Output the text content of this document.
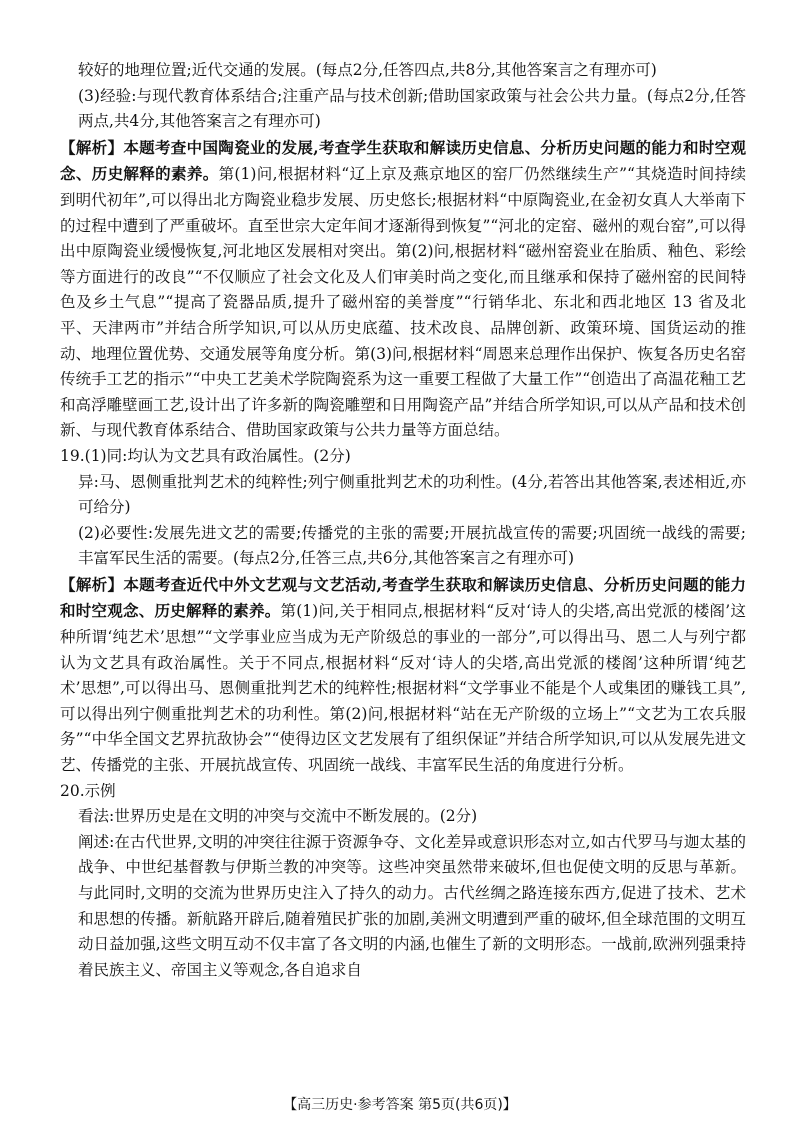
较好的地理位置;近代交通的发展。(每点2分,任答四点,共8分,其他答案言之有理亦可)

(3)经验:与现代教育体系结合;注重产品与技术创新;借助国家政策与社会公共力量。(每点2分,任答两点,共4分,其他答案言之有理亦可)

【解析】本题考查中国陶瓷业的发展,考查学生获取和解读历史信息、分析历史问题的能力和时空观念、历史解释的素养。第(1)问,根据材料“辽上京及燕京地区的窑厂仍然继续生产”“其烧造时间持续到明代初年”,可以得出北方陶瓷业稳步发展、历史悠长;根据材料“中原陶瓷业,在金初女真人大举南下的过程中遭到了严重破坏。直至世宗大定年间才逐渐得到恢复”“河北的定窑、磁州的观台窑”,可以得出中原陶瓷业缓慢恢复,河北地区发展相对突出。第(2)问,根据材料“磁州窑瓷业在胎质、釉色、彩绘等方面进行的改良”“不仅顺应了社会文化及人们审美时尚之变化,而且继承和保持了磁州窑的民间特色及乡土气息”“提高了瓷器品质,提升了磁州窑的美誉度”“行销华北、东北和西北地区 13 省及北平、天津两市”并结合所学知识,可以从历史底蕴、技术改良、品牌创新、政策环境、国货运动的推动、地理位置优势、交通发展等角度分析。第(3)问,根据材料“周恩来总理作出保护、恢复各历史名窑传统手工艺的指示”“中央工艺美术学院陶瓷系为这一重要工程做了大量工作”“创造出了高温花釉工艺和高浮雕壁画工艺,设计出了许多新的陶瓷雕塑和日用陶瓷产品”并结合所学知识,可以从产品和技术创新、与现代教育体系结合、借助国家政策与公共力量等方面总结。

19.(1)同:均认为文艺具有政治属性。(2分)

异:马、恩侧重批判艺术的纯粹性;列宁侧重批判艺术的功利性。(4分,若答出其他答案,表述相近,亦可给分)

(2)必要性:发展先进文艺的需要;传播党的主张的需要;开展抗战宣传的需要;巩固统一战线的需要;丰富军民生活的需要。(每点2分,任答三点,共6分,其他答案言之有理亦可)

【解析】本题考查近代中外文艺观与文艺活动,考查学生获取和解读历史信息、分析历史问题的能力和时空观念、历史解释的素养。第(1)问,关于相同点,根据材料“反对‘诗人的尖塔,高出党派的楼阁’这种所谓‘纯艺术’思想”“文学事业应当成为无产阶级总的事业的一部分”,可以得出马、恩二人与列宁都认为文艺具有政治属性。关于不同点,根据材料“反对‘诗人的尖塔,高出党派的楼阁’这种所谓‘纯艺术’思想”,可以得出马、恩侧重批判艺术的纯粹性;根据材料“文学事业不能是个人或集团的赚钱工具”,可以得出列宁侧重批判艺术的功利性。第(2)问,根据材料“站在无产阶级的立场上”“文艺为工农兵服务”“中华全国文艺界抗敌协会”“使得边区文艺发展有了组织保证”并结合所学知识,可以从发展先进文艺、传播党的主张、开展抗战宣传、巩固统一战线、丰富军民生活的角度进行分析。

20.示例

看法:世界历史是在文明的冲突与交流中不断发展的。(2分)

阐述:在古代世界,文明的冲突往往源于资源争夺、文化差异或意识形态对立,如古代罗马与迦太基的战争、中世纪基督教与伊斯兰教的冲突等。这些冲突虽然带来破坏,但也促使文明的反思与革新。与此同时,文明的交流为世界历史注入了持久的动力。古代丝绸之路连接东西方,促进了技术、艺术和思想的传播。新航路开辟后,随着殖民扩张的加剧,美洲文明遭到严重的破坏,但全球范围的文明互动日益加强,这些文明互动不仅丰富了各文明的内涵,也催生了新的文明形态。一战前,欧洲列强秉持着民族主义、帝国主义等观念,各自追求自

【高三历史·参考答案 第5页(共6页)】
